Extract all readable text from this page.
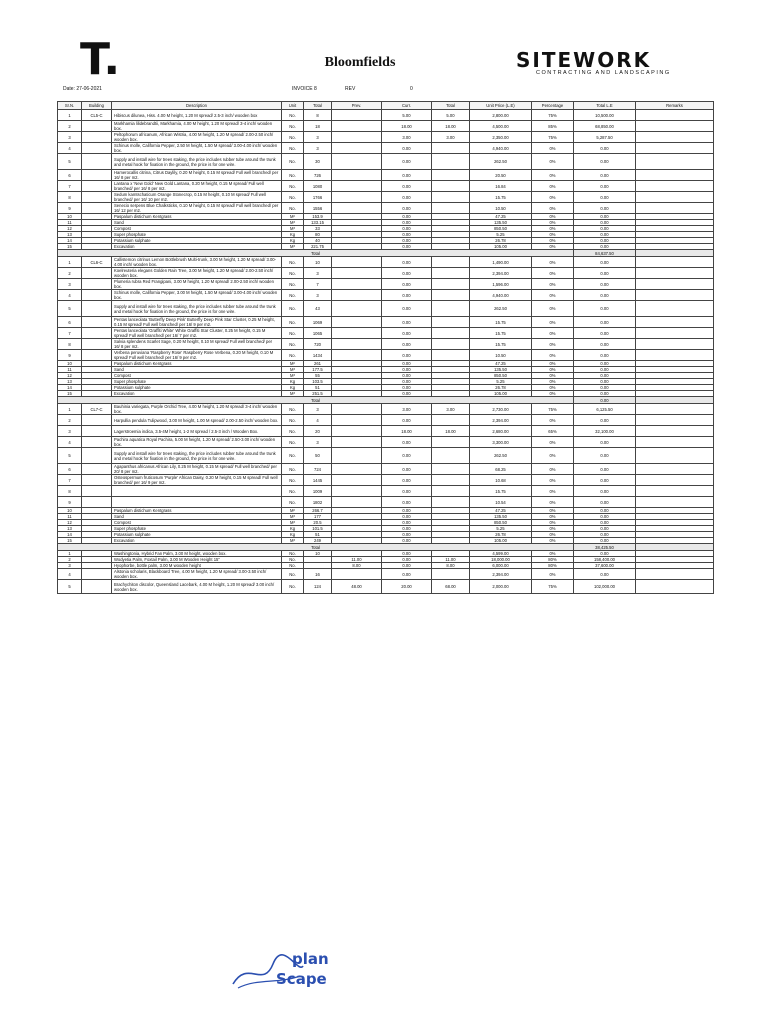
T.	Bloomfields	SITEWORK
CONTRACTING AND LANDSCAPING
Date: 27-06-2021	INVOICE 8	REV	0
Sr.N.	Building	Description	Unit	Total	Prev.	Curr.	Total	Unit Price (L.E)	Percentage	Total L.E	Remarks
1	CL5-C	Hibiscus dilunea, Hiss. 4.00 M height, 1.20 M spread/ 2.5-3 inch/ wooden box	No.	8		5.00	5.00	2,800.00	75%	10,500.00	
2		Markhamia lilidebrandtii, Markhamia, 4.00 M height, 1.20 M spread/ 3-4 inch/ wooden box.	No.	18		18.00	18.00	4,500.00	85%	68,850.00	
3		Peltophorum africanum, African Wistria, 4.00 M height, 1.20 M spread/ 2.00-2.50 inch/ wooden box.	No.	3		3.00	3.00	2,350.00	75%	5,287.50	
4		Schinus molle, California Pepper, 2.50 M height, 1.50 M spread/ 3.00-4.00 inch/ wooden box.	No.	3		0.00		4,940.00	0%	0.00	
5		Supply and install wire for trees staking, the price includes rubber tube around the trunk and metal hook for fixation in the ground, the price is for one wire.	No.	30		0.00		262.50	0%	0.00	
6		Hamerocallis citrina, Citrus Daylily, 0.20 M height, 0.15 M spread/ Full well branched/ per 16/ 8 per m2.	No.	726		0.00		20.50	0%	0.00	
7		Lantana x 'New Gold' New Gold Lantana, 0.20 M height, 0.15 M spread/ Full well branched/ per 16/ 8 per m2.	No.	1080		0.00		16.84	0%	0.00	
8		Sedum kamtschaticum Orange Stonecrop, 0.15 M height, 0.10 M spread/ Full well branched/ per 16/ 10 per m2.	No.	1766		0.00		15.75	0%	0.00	
9		Senecio serpens Blue Chalksticks, 0.10 M height, 0.15 M spread/ Full well branched/ per 16/ 12 per m2.	No.	1556		0.00		10.50	0%	0.00	
10		Paspalum distichum Kentgrass	M²	153.9		0.00		47.25	0%	0.00	
11		Sand	M³	133.15		0.00		135.50	0%	0.00	
12		Compost	M³	33		0.00		850.50	0%	0.00	
13		Super phosphate	Kg	80		0.00		5.25	0%	0.00	
14		Potassium sulphate	Kg	40		0.00		26.78	0%	0.00	
15		Excavation	M³	221.75		0.00		105.00	0%	0.00	
Total										84,637.50	
1	CL6-C	Callistemon citrinus Lemon Bottlebrush Multi-trunk, 3.00 M height, 1.20 M spread/ 3.00-4.00 inch/ wooden box.	No.	10		0.00		1,490.00	0%	0.00	
2		Koelreuteria elegans Golden Rain Tree, 3.00 M height, 1.20 M spread/ 2.00-2.50 inch/ wooden box.	No.	3		0.00		2,394.00	0%	0.00	
3		Plumeria rubra Red Frangipani, 3.00 M height, 1.20 M spread/ 2.00-2.50 inch/ wooden box.	No.	7		0.00		1,596.00	0%	0.00	
4		Schinus molle, California Pepper, 3.00 M height, 1.50 M spread/ 3.00-4.00 inch/ wooden box.	No.	3		0.00		4,940.00	0%	0.00	
5		Supply and install wire for trees staking, the price includes rubber tube around the trunk and metal hook for fixation in the ground, the price is for one wire.	No.	43		0.00		262.50	0%	0.00	
6		Pentas lanceolata 'Butterfly Deep Pink' Butterfly Deep Pink Star Cluster, 0.25 M height, 0.15 M spread/ Full well branched/ per 16/ 9 per m2.	No.	1069		0.00		15.75	0%	0.00	
7		Pentas lanceolata 'Graffiti White' White Graffiti Star Cluster, 0.25 M height, 0.15 M spread/ Full well branched/ per 16/ 7 per m2.	No.	1065		0.00		15.75	0%	0.00	
8		Salvia splendens Scarlet Sage, 0.20 M height, 0.10 M spread/ Full well branched/ per 16/ 8 per m2.	No.	720		0.00		15.75	0%	0.00	
9		Verbena peruviana 'Raspberry Rose' Raspberry Rose Verbena, 0.20 M height, 0.10 M spread/ Full well branched/ per 16/ 9 per m2.	No.	1434		0.00		10.50	0%	0.00	
10		Paspalum distichum Kentgrass	M²	261		0.00		47.25	0%	0.00	
11		Sand	M³	177.5		0.00		135.50	0%	0.00	
12		Compost	M³	55		0.00		850.50	0%	0.00	
13		Super phosphate	Kg	103.5		0.00		5.25	0%	0.00	
14		Potassium sulphate	Kg	51		0.00		26.78	0%	0.00	
15		Excavation	M³	251.5		0.00		105.00	0%	0.00	
Total										0.00	
1	CL7-C	Bauhinia variegata, Purple Orchid Tree, 4.00 M height, 1.20 M spread/ 3-4 inch/ wooden box.	No.	3		3.00	3.00	2,730.00	75%	6,125.50	
2		Harpullia pendula Tulipwood, 3.00 M height, 1.00 M spread/ 2.00-2.50 inch/ wooden box.	No.	4		0.00		2,394.00	0%	0.00	
3		Lagerstroemia indica, 3.5-4M height, 1-2 M spread / 2.5-3 inch / Wooden Box.	No.	20		18.00	18.00	2,680.00	65%	32,100.00	
4		Pachira aquatica Royal Pachira, 5.00 M height, 1.20 M spread/ 2.50-3.00 inch/ wooden box.	No.	3		0.00		3,300.00	0%	0.00	
5		Supply and install wire for trees staking, the price includes rubber tube around the trunk and metal hook for fixation in the ground, the price is for one wire.	No.	50		0.00		262.50	0%	0.00	
6		Agapanthus africanus African Lily, 0.25 M height, 0.15 M spread/ Full well branched/ per 20/ 8 per m2.	No.	724		0.00		68.25	0%	0.00	
7		Osteospermum fruticosum 'Purple' African Daisy, 0.20 M height, 0.15 M spread/ Full well branched/ per 16/ 9 per m2.	No.	1445		0.00		10.68	0%	0.00	
8			No.	1009		0.00		15.75	0%	0.00	
9			No.	1802		0.00		10.54	0%	0.00	
10		Paspalum distichum Kentgrass	M²	266.7		0.00		47.25	0%	0.00	
11		Sand	M³	177		0.00		135.50	0%	0.00	
12		Compost	M³	20.5		0.00		850.50	0%	0.00	
13		Super phosphate	Kg	101.5		0.00		5.25	0%	0.00	
14		Potassium sulphate	Kg	51		0.00		26.78	0%	0.00	
15		Excavation	M³	249		0.00		105.00	0%	0.00	
Total										38,425.50	
1		Washingtonia, Hybrid Fan Palm, 3.00 M height, wooden box.	No.	10		0.00		4,599.00	0%	0.00	
2		Wodyetia Palm, Foxtail Palm, 3.00 M Wooden Height 15"	No.		11.00	0.00	11.00	18,000.00	80%	158,400.00	
3		Hyophorbe, bottle palm, 3.00 M wooden height	No.		8.00	0.00	8.00	6,000.00	80%	37,600.00	
4		Alstonia scholaris, Blackboard Tree, 4.00 M height, 1.20 M spread/ 3.00-3.50 inch/ wooden box.	No.	16		0.00		2,394.00	0%	0.00	
5		Brachychiton discolor, Queensland Lacebark, 4.00 M height, 1.20 M spread/ 3.00 inch/ wooden box.	No.	124	48.00	20.00	68.00	2,000.00	75%	102,000.00	
plan
Scape
